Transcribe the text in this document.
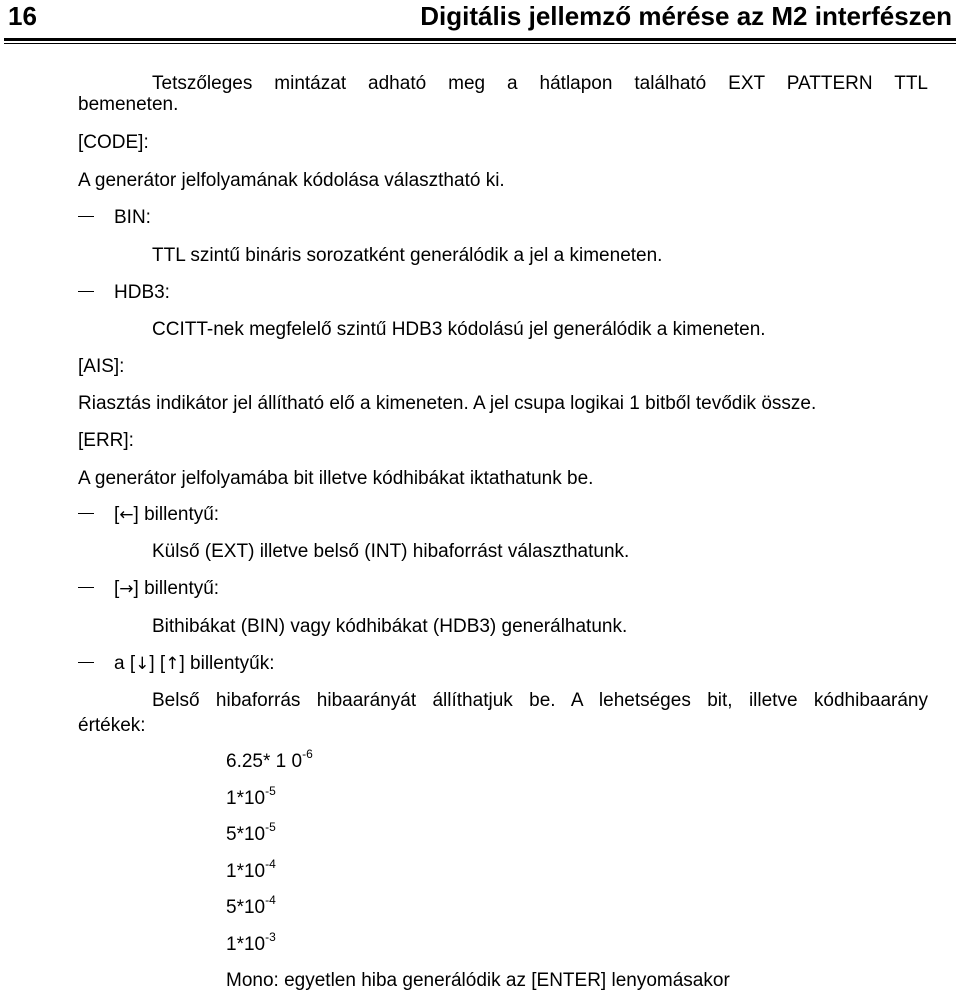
16	Digitális jellemző mérése az M2 interfészen
Tetszőleges mintázat adható meg a hátlapon található EXT PATTERN TTL
bemeneten.
[CODE]:
A generátor jelfolyamának kódolása választható ki.
BIN:
TTL szintű bináris sorozatként generálódik a jel a kimeneten.
HDB3:
CCITT-nek megfelelő szintű HDB3 kódolású jel generálódik a kimeneten.
[AIS]:
Riasztás indikátor jel állítható elő a kimeneten. A jel csupa logikai 1 bitből tevődik össze.
[ERR]:
A generátor jelfolyamába bit illetve kódhibákat iktathatunk be.
[←] billentyű:
Külső (EXT) illetve belső (INT) hibaforrást választhatunk.
[→] billentyű:
Bithibákat (BIN) vagy kódhibákat (HDB3) generálhatunk.
a [↓] [↑] billentyűk:
Belső hibaforrás hibaarányát állíthatjuk be. A lehetséges bit, illetve kódhibaarány
értékek:
6.25* 1 $0^{-6}$
$1*10^{-5}$
$5*10^{-5}$
$1*10^{-4}$
$5*10^{-4}$
$1*10^{-3}$
Mono: egyetlen hiba generálódik az [ENTER] lenyomásakor
